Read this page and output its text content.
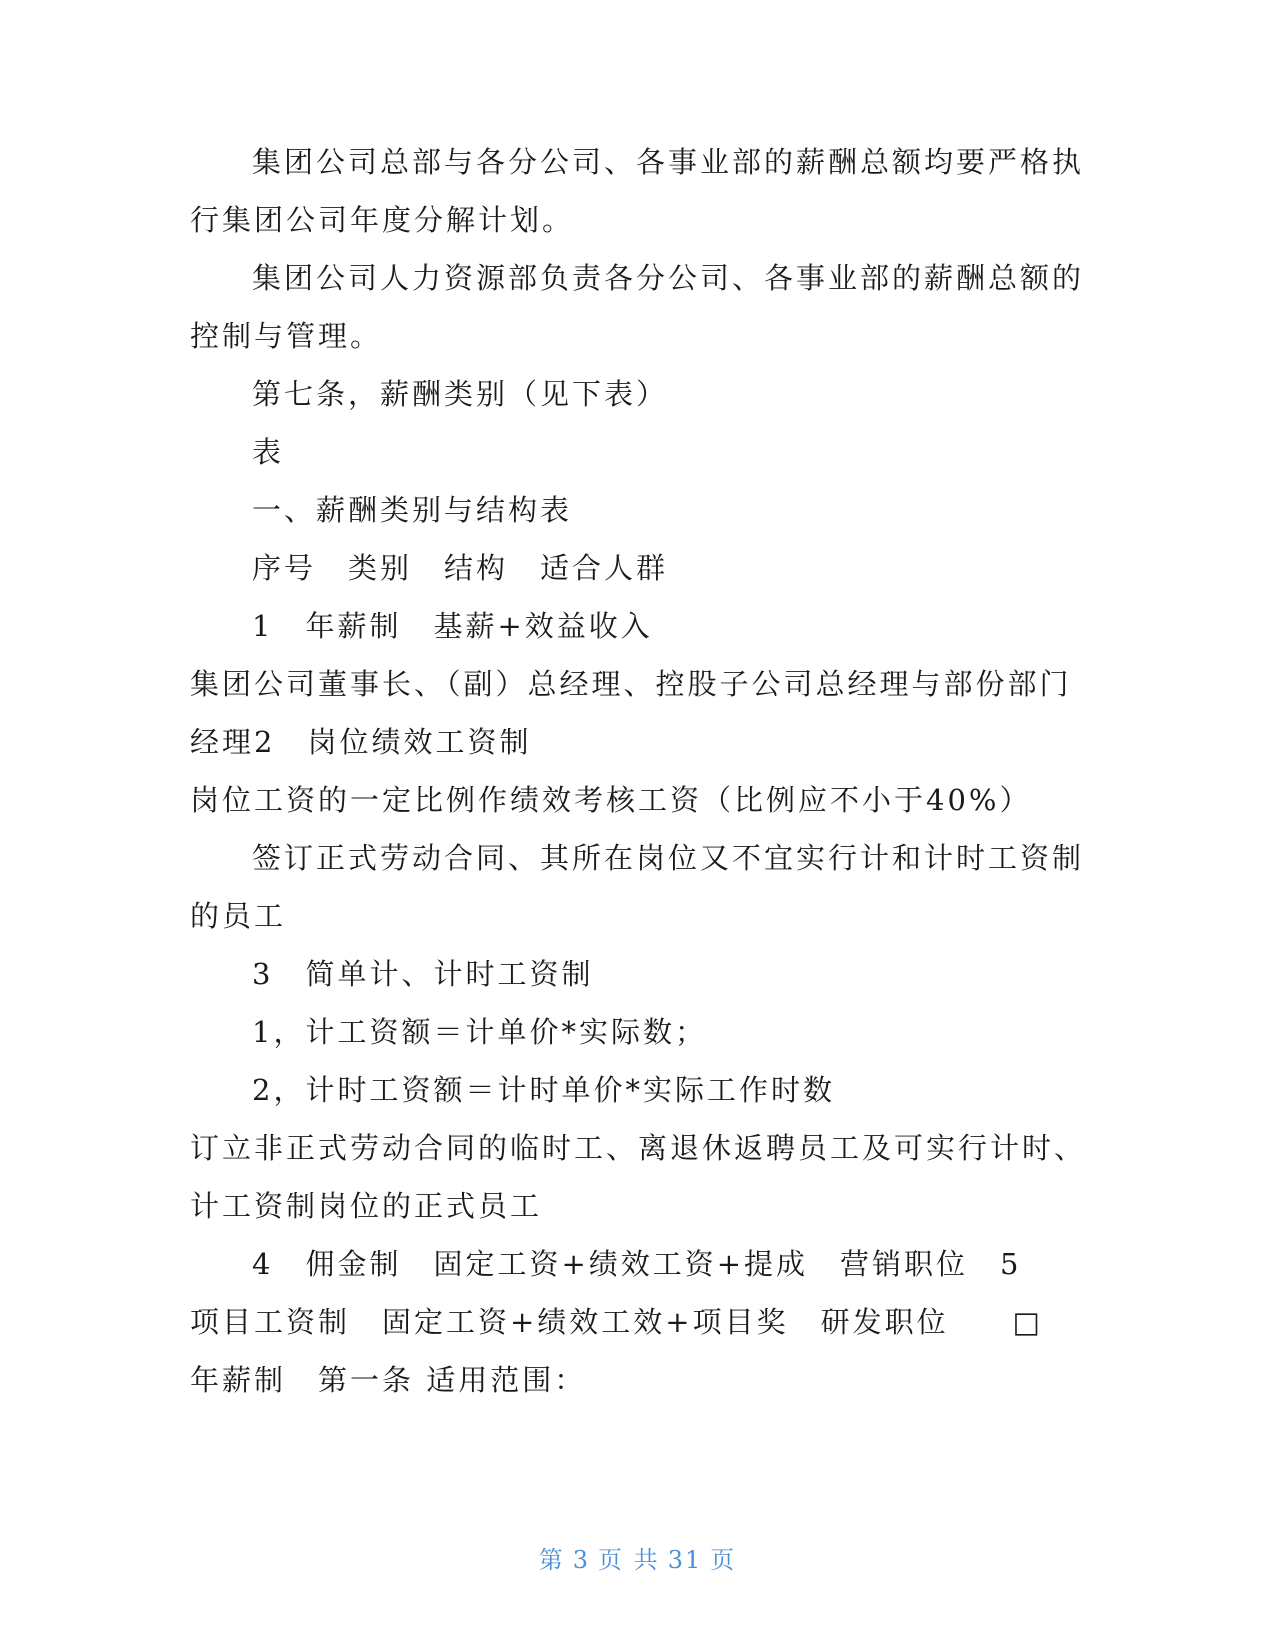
集团公司总部与各分公司、各事业部的薪酬总额均要严格执
行集团公司年度分解计划。
集团公司人力资源部负责各分公司、各事业部的薪酬总额的
控制与管理。
第七条，薪酬类别（见下表）
表
一、薪酬类别与结构表
序号　类别　结构　适合人群
1　年薪制　基薪+效益收入
集团公司董事长、（副）总经理、控股子公司总经理与部份部门
经理2　岗位绩效工资制
岗位工资的一定比例作绩效考核工资（比例应不小于40%）
签订正式劳动合同、其所在岗位又不宜实行计和计时工资制
的员工
3　简单计、计时工资制
1，计工资额＝计单价*实际数；
2，计时工资额＝计时单价*实际工作时数
订立非正式劳动合同的临时工、离退休返聘员工及可实行计时、
计工资制岗位的正式员工
4　佣金制　固定工资+绩效工资+提成　营销职位　5
项目工资制　固定工资+绩效工效+项目奖　研发职位　　□
年薪制　第一条 适用范围：
第 3 页 共 31 页
